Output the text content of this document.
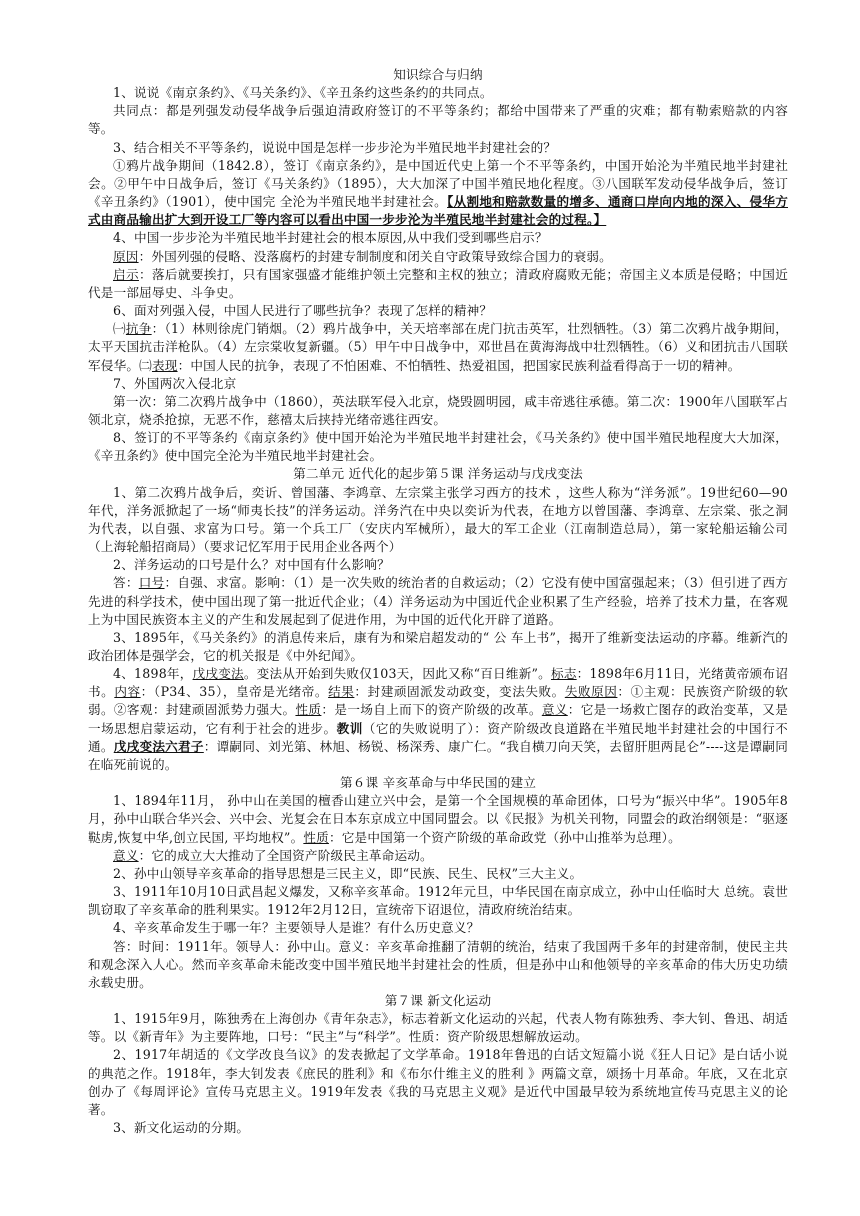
知识综合与归纳

1、说说《南京条约》、《马关条约》、《辛丑条约这些条约的共同点。

共同点：都是列强发动侵华战争后强迫清政府签订的不平等条约；都给中国带来了严重的灾难；都有勒索赔款的内容等。

3、结合相关不平等条约，说说中国是怎样一步步沦为半殖民地半封建社会的？

①鸦片战争期间（1842.8），签订《南京条约》，是中国近代史上第一个不平等条约，中国开始沦为半殖民地半封建社会。②甲午中日战争后，签订《马关条约》（1895），大大加深了中国半殖民地化程度。③八国联军发动侵华战争后，签订《辛丑条约》（1901），使中国完 全沦为半殖民地半封建社会。【从割地和赔款数量的增多、通商口岸向内地的深入、侵华方式由商品输出扩大到开设工厂等内容可以看出中国一步步沦为半殖民地半封建社会的过程。】

4、中国一步步沦为半殖民地半封建社会的根本原因,从中我们受到哪些启示？

原因：外国列强的侵略、没落腐朽的封建专制制度和闭关自守政策导致综合国力的衰弱。

启示：落后就要挨打，只有国家强盛才能维护领土完整和主权的独立；清政府腐败无能；帝国主义本质是侵略；中国近代是一部屈辱史、斗争史。

6、面对列强入侵，中国人民进行了哪些抗争？表现了怎样的精神？

㈠抗争：（1）林则徐虎门销烟。（2）鸦片战争中，关天培率部在虎门抗击英军，壮烈牺牲。（3）第二次鸦片战争期间，太平天国抗击洋枪队。（4）左宗棠收复新疆。（5）甲午中日战争中，邓世昌在黄海海战中壮烈牺牲。（6）义和团抗击八国联军侵华。㈡表现：中国人民的抗争，表现了不怕困难、不怕牺牲、热爱祖国，把国家民族利益看得高于一切的精神。

7、外国两次入侵北京

第一次：第二次鸦片战争中（1860），英法联军侵入北京，烧毁圆明园，咸丰帝逃往承德。第二次：1900年八国联军占领北京，烧杀抢掠，无恶不作，慈禧太后挟持光绪帝逃往西安。

8、签订的不平等条约《南京条约》使中国开始沦为半殖民地半封建社会，《马关条约》使中国半殖民地程度大大加深，《辛丑条约》使中国完全沦为半殖民地半封建社会。

第二单元 近代化的起步第５课 洋务运动与戊戌变法

1、第二次鸦片战争后，奕䜣、曾国藩、李鸿章、左宗棠主张学习西方的技术 ，这些人称为“洋务派”。19世纪60—90年代，洋务派掀起了一场“师夷长技”的洋务运动。洋务汽在中央以奕䜣为代表，在地方以曾国藩、李鸿章、左宗棠、张之洞为代表，以自强、求富为口号。第一个兵工厂（安庆内军械所），最大的军工企业（江南制造总局），第一家轮船运输公司（上海轮船招商局）（要求记忆军用于民用企业各两个）

2、洋务运动的口号是什么？对中国有什么影响？

答：口号：自强、求富。影响：（1）是一次失败的统治者的自救运动；（2）它没有使中国富强起来；（3）但引进了西方先进的科学技术，使中国出现了第一批近代企业；（4）洋务运动为中国近代企业积累了生产经验，培养了技术力量，在客观上为中国民族资本主义的产生和发展起到了促进作用，为中国的近代化开辟了道路。

3、1895年，《马关条约》的消息传来后，康有为和梁启超发动的“ 公 车上书”，揭开了维新变法运动的序幕。维新汽的政治团体是强学会，它的机关报是《中外纪闻》。

4、1898年，戊戌变法。变法从开始到失败仅103天，因此又称“百日维新”。标志：1898年6月11日，光绪黄帝颁布诏书。内容：（P34、35），皇帝是光绪帝。结果：封建顽固派发动政变，变法失败。失败原因：①主观：民族资产阶级的软弱。②客观：封建顽固派势力强大。性质：是一场自上而下的资产阶级的改革。意义：它是一场救亡图存的政治变革，又是一场思想启蒙运动，它有利于社会的进步。教训（它的失败说明了）：资产阶级改良道路在半殖民地半封建社会的中国行不通。戊戌变法六君子：谭嗣同、刘光第、林旭、杨锐、杨深秀、康广仁。“我自横刀向天笑，去留肝胆两昆仑”----这是谭嗣同在临死前说的。

第６课 辛亥革命与中华民国的建立

1、1894年11月， 孙中山在美国的檀香山建立兴中会，是第一个全国规模的革命团体，口号为“振兴中华”。1905年8月，孙中山联合华兴会、兴中会、光复会在日本东京成立中国同盟会。以《民报》为机关刊物，同盟会的政治纲领是：“驱逐鞑虏,恢复中华,创立民国, 平均地权”。性质：它是中国第一个资产阶级的革命政党（孙中山推举为总理）。

意义：它的成立大大推动了全国资产阶级民主革命运动。

2、孙中山领导辛亥革命的指导思想是三民主义，即“民族、民生、民权”三大主义。

3、1911年10月10日武昌起义爆发，又称辛亥革命。1912年元旦，中华民国在南京成立，孙中山任临时大 总统。袁世凯窃取了辛亥革命的胜利果实。1912年2月12日，宣统帝下诏退位，清政府统治结束。

4、辛亥革命发生于哪一年？主要领导人是谁？有什么历史意义？

答：时间：1911年。领导人：孙中山。意义：辛亥革命推翻了清朝的统治，结束了我国两千多年的封建帝制，使民主共和观念深入人心。然而辛亥革命未能改变中国半殖民地半封建社会的性质，但是孙中山和他领导的辛亥革命的伟大历史功绩永载史册。

第７课 新文化运动

1、1915年9月，陈独秀在上海创办《青年杂志》，标志着新文化运动的兴起，代表人物有陈独秀、李大钊、鲁迅、胡适等。以《新青年》为主要阵地，口号：“民主”与“科学”。性质：资产阶级思想解放运动。

2、1917年胡适的《文学改良刍议》的发表掀起了文学革命。1918年鲁迅的白话文短篇小说《狂人日记》是白话小说的典范之作。1918年，李大钊发表《庶民的胜利》和《布尔什维主义的胜利 》两篇文章，颂扬十月革命。年底，又在北京创办了《每周评论》宣传马克思主义。1919年发表《我的马克思主义观》是近代中国最早较为系统地宣传马克思主义的论著。

3、新文化运动的分期。
